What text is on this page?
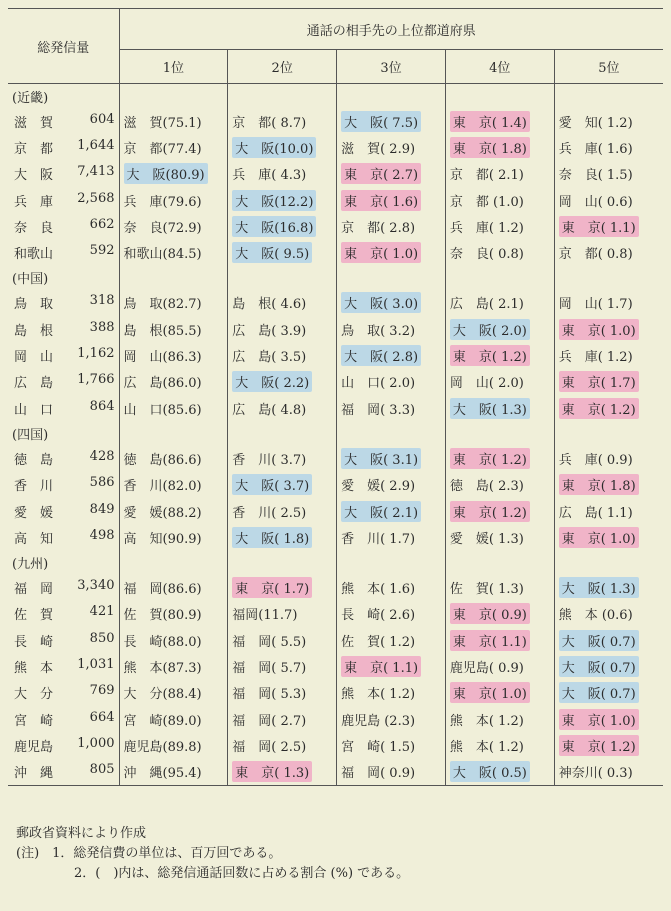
総発信量	通話の相手先の上位都道府県				
	1位	2位	3位	4位	5位
(近畿)					

滋　賀 604	滋　賀(75.1)	京　都( 8.7)	大　阪( 7.5)	東　京( 1.4)	愛　知( 1.2)

京　都 1,644	京　都(77.4)	大　阪(10.0)	滋　賀( 2.9)	東　京( 1.8)	兵　庫( 1.6)

大　阪 7,413	大　阪(80.9)	兵　庫( 4.3)	東　京( 2.7)	京　都( 2.1)	奈　良( 1.5)

兵　庫 2,568	兵　庫(79.6)	大　阪(12.2)	東　京( 1.6)	京　都 (1.0)	岡　山( 0.6)

奈　良 662	奈　良(72.9)	大　阪(16.8)	京　都( 2.8)	兵　庫( 1.2)	東　京( 1.1)

和歌山 592	和歌山(84.5)	大　阪( 9.5)	東　京( 1.0)	奈　良( 0.8)	京　都( 0.8)
(中国)					

鳥　取 318	鳥　取(82.7)	島　根( 4.6)	大　阪( 3.0)	広　島( 2.1)	岡　山( 1.7)

島　根 388	島　根(85.5)	広　島( 3.9)	鳥　取( 3.2)	大　阪( 2.0)	東　京( 1.0)

岡　山 1,162	岡　山(86.3)	広　島( 3.5)	大　阪( 2.8)	東　京( 1.2)	兵　庫( 1.2)

広　島 1,766	広　島(86.0)	大　阪( 2.2)	山　口( 2.0)	岡　山( 2.0)	東　京( 1.7)

山　口 864	山　口(85.6)	広　島( 4.8)	福　岡( 3.3)	大　阪( 1.3)	東　京( 1.2)
(四国)					

徳　島 428	徳　島(86.6)	香　川( 3.7)	大　阪( 3.1)	東　京( 1.2)	兵　庫( 0.9)

香　川 586	香　川(82.0)	大　阪( 3.7)	愛　媛( 2.9)	徳　島( 2.3)	東　京( 1.8)

愛　媛 849	愛　媛(88.2)	香　川( 2.5)	大　阪( 2.1)	東　京( 1.2)	広　島( 1.1)

高　知 498	高　知(90.9)	大　阪( 1.8)	香　川( 1.7)	愛　媛( 1.3)	東　京( 1.0)
(九州)					

福　岡 3,340	福　岡(86.6)	東　京( 1.7)	熊　本( 1.6)	佐　賀( 1.3)	大　阪( 1.3)

佐　賀 421	佐　賀(80.9)	福岡(11.7)	長　崎( 2.6)	東　京( 0.9)	熊　本 (0.6)

長　崎 850	長　崎(88.0)	福　岡( 5.5)	佐　賀( 1.2)	東　京( 1.1)	大　阪( 0.7)

熊　本 1,031	熊　本(87.3)	福　岡( 5.7)	東　京( 1.1)	鹿児島( 0.9)	大　阪( 0.7)

大　分 769	大　分(88.4)	福　岡( 5.3)	熊　本( 1.2)	東　京( 1.0)	大　阪( 0.7)

宮　崎 664	宮　崎(89.0)	福　岡( 2.7)	鹿児島 (2.3)	熊　本( 1.2)	東　京( 1.0)

鹿児島 1,000	鹿児島(89.8)	福　岡( 2.5)	宮　崎( 1.5)	熊　本( 1.2)	東　京( 1.2)

沖　縄 805	沖　縄(95.4)	東　京( 1.3)	福　岡( 0.9)	大　阪( 0.5)	神奈川( 0.3)
郵政省資料により作成
(注)　1．総発信費の単位は、百万回である。
2．(　)内は、総発信通話回数に占める割合 (%) である。
